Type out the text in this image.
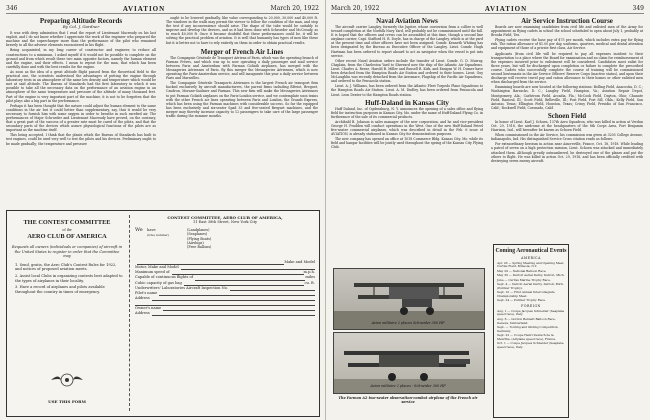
346	AVIATION	March 20, 1922
Preparing Altitude Records
By Col. J. Gardner

It was with deep admiration that I read the report of Lieutenant Macready on his last exploit, and I do not know whether I appreciate the work of the engineer who prepared the machine and the supercharger more than the performance of the pilot who remained bravely to all the adverse elements encountered in his flight.

Being acquainted, in my long career of constructor and engineer, to reduce all constructions to a minimum, I asked myself if it would not be possible to complete on the ground and from which result these two main opposite factors, namely the human element and the engine, and their effects. I mean to repeat for the man, that which has been carefully done and with the best results for the engine.

As soon as the idea of a great altitude flight passed from the theoretical field to the practical one, the scientists understood the advantages of putting the engine through laboratory tests in an atmosphere of the same low density and temperature which would be met at said altitude. The Bureau of Standards had the first laboratory in which it was possible to take all the necessary data on the performance of an aviation engine in an atmosphere of the same temperature and pressure of the altitude of many thousand feet. Part of the engine is very important part of the machine, it is not to be forgotten that the pilot plays also a big part in the performance.

Perhaps it has been thought that the nature could adjust the human element to the same conditions in the air but it could better than supplementary, say, that it would be very necessary to furnish him with some oxygen in order to breathe in such rarefied air. The performances of Major Schroeder and Lieutenant Macready have proved, on the contrary, that a great part of the success of a greater rate must be cared of the pilots, and that the secondary parts of the devices which assure physiological functions of the pilots are as important as the machine itself.

This being accepted, I think that the plants which the Bureau of Standards has built to test engines, could be used very well to test the pilots and his devices. Preliminary ought to be made gradually; the temperature and pressure

ought to be lowered gradually, like value corresponding to 20,000, 30,000 and 40,000 ft. The windows in the walls may permit the viewer to follow the condition of the man, and stop the test if any inconvenience should arise. The shape of the tube would be suitably to improve and develop the devices, and as it had been done with Schroeder and McCready, as to reach 40,000 ft. Once it became doubtful that these performances could be, it will be solving the practical problem of aviation. It is well that humanity has types of men like these but it is better not to have to rely entirely on them in order to obtain practical results.

Merger of French Air Lines

The Compagnie Générale de Transport Aériens of Paris, which was the operating branch of Farman Frères, and which was up to now operating a daily passenger and mail service between Paris and Amsterdam with Farman Goliath airplanes, has merged with the Messageries Aériennes of Paris. By this merger the Messageries Aériennes, which is now operating the Paris-Amsterdam service, and will inaugurate this year a daily service between Paris and Marseilles.

The Compagnie Générale Transports Aériennes is the largest French air transport firm backed exclusively by aircraft manufacturers, the parent firms including Blériot, Breguet, Caudron, Morane-Saulnier and Farman. This new firm will make the Messageries Aériennes to put Farman Goliath airplanes on the Paris-London service, and we contemplate soon trains with the other French air lines operating between Paris and London, the Grands Express, which has been using the Farman machines with considerable success. So far the equipped has been exclusively and six-seater Spad 33 and five-seated Breguet machines, and the merger may thereby increase capacity to 12 passengers to take care of the large passenger traffic during the summer months.

THE CONTEST COMMITTEE
of the
AERO CLUB OF AMERICA
Requests all owners (individuals or companies) of aircraft in the United States to register in order that the Committee may
1. Send, gratis, the Aero Club's Contest Rules for 1922, and notices of proposed aviation meets.
2. Assist local Clubs in organizing contests best adapted to the types of airplanes in their locality.
3. Have a record of airplanes and pilots available throughout the country in times of emergency.
USE THIS FORM
CONTEST COMMITTEE, AERO CLUB OF AMERICA,
11 East 38th Street, New York City
We	have
(Give number)
(Landplanes)
(Seaplanes)
(Flying Boats)
(Airships)
(Free Ballons)
Make and Model
Motor, Make and Model
Maximum speed of	m.p.h.
Capable of continuous flights of	miles
Cubic capacity of gas bag	cu. ft.
Underwriters' Laboratories Aircraft Inspection No.
Pilot's name
Address
Owner's name
Address
March 20, 1922	AVIATION	349
Naval Aviation News

The aircraft carrier Langley, formerly the Jupiter, whose conversion from a collier is well toward completion at the Norfolk Navy Yard, will probably not be commissioned until the fall. It is hoped that the officers and crews can be assembled at this time, though a second line airplane carrier, Capt. Stafford H. R. Doyle, has in charge of the Langley, which is at the yard at the present time and other officers have not been assigned. Comdr. Kenneth Whiting has been designated by the Bureau as Executive Officer of the Langley. Lieut. Comdr. Hugh Hartman has been ordered to report aboard to act as navigator when the vessel is put into service.

Other recent Naval Aviation orders include the transfer of Lieut. Comdr. G. D. Murray, Chaplain, from the Charleston Yard to Sherrard now the ship of the Atlantic Air Squadrons. Lieut. Charles A. Reese, Harold B. Miller and Russell R. Kirk, and Ensigns W. H. Dumer have been detached from the Hampton Roads Air Station and ordered to their homes. Lieut. Guy McLaughlin was recently detached from the Aeromare, Flagship of the Pacific Air Squadrons, and ordered to the Pensacola station.

Lieut. A. J. Williams, has been ordered from the Atlantic Fleet Torpedo Plane Squadrons to the Hampton Roads Air Station. Lieut. A. M. Dudley, has been ordered from Pensacola and Lieut. Leon Dexter to the Hampton Roads station.

Huff-Daland in Kansas City

Huff Daland, Inc. of Ogdensburg, N. Y. announces the opening of a sales office and flying field for instruction purposes in Kansas City, Mo. under the name of Huff-Daland Flying Co. in furtherance of the sale of its commercial products.

Archibald B. Johnson is sales manager of the new corporation, and he and vice-president George H. Prudden will conduct operations in the West. One of the new Huff-Daland Petrel five-seater commercial airplanes, which was described in detail in the Feb. 6 issue of AVIATION, is already stationed in Kansas City for demonstration purposes.

The new company has opened an office at 1018 Commerce Bldg. Kansas City, Mo. while its field and hangar facilities will be jointly used throughout the spring of the Kansas City Flying Club.

Avion militaire 2 places Schneider 300 HP
Avion militaire 2 places - Schneider 300 HP
The Farman A2 two-seater observation-combat airplane of the French air service
Air Service Instruction Course

Boards are now examining candidates from civil life and enlisted men of the Army for appointment as flying cadets in school the school scheduled to open about July 1, probably at Brooks Field, Tex.

Flying cadets receive the base pay of $75 per month, which includes extra pay for flying risk. The ration allowance of $1.00 per day, uniforms, quarters, medical and dental attention and equipment of those of a private first class, Air Service.

Applicants (from civil life will be required to pay all expenses incident to their transportation to a place where the Board for examination and no claim for reimbursement of the expenses incurred prior to enlistment will be considered. Candidates must enlist for three years, but will be discharged upon completion or failure to complete the prescribed course. Cadets who successfully complete the course of training will be commissioned second lieutenants in the Air Service Officers' Reserve Corps (inactive status), and upon their discharge will receive travel pay and ration allowance to their homes or other enlisted men when discharged from the service.

Examining boards are now located at the following stations: Bolling Field, Anacostia, D. C.; Washington Barracks, D. C.; Langley Field, Hampton, Va.; Aviation Repair Depot, Montgomery, Ala.; Carlstrom Field, Arcadia, Fla.; McCook Field, Dayton, Ohio; Chanute Field, Rantoul, Ill.; Scott Field, Belleville, Ill.; Post Field, Fort Sill, Okla.; Kelly Field, San Antonio, Texas; Ellington Field, Houston, Texas; Crissy Field, Presidio of San Francisco, Calif.; Rockwell Field, Coronado, Calif.

Schoen Field

In honor of Lieut. Karl J. Schoen, 137th Aero Squadron, who was killed in action at Verdun Oct. 29, 1918, the airdrome at the headquarters of the 8th Corps Area, Fort Benjamin Harrison, Ind., will hereafter be known as Schoen Field.

When commissioned in the Air Service, his commission was given at 3205 College Avenue, Indianapolis, Ind. His distinguished Service Cross citation reads as follows:

For extraordinary heroism in action near Aincreville, France, Oct. 18, 1918. While leading a patrol of seven on a high protection mission, Lieut. Schoen was attacked and immediately attacked them. Although greatly outnumbered, he destroyed one of the planes and put the others to flight. He was killed in action Oct. 29, 1918, and has been officially credited with destroying seven enemy aircraft.

Coming Aeronautical Events
AMERICA
Apr. 20 — Spring Meeting and Opening Meet, Curtiss Field, Mineola, N.Y.
May 29 — National Balloon Race.
May 30 — Detroit Aerial Derby, Detroit, Mich.
June — Curtiss Marine Trophy Race.
Sept. 4 — Detroit Aerial Derby, Detroit, Mich. (Pulitzer Trophy).
Sept. 10 — First Annual Intercollegiate Championship Meet.
Sept. 24 — Pulitzer Trophy Race.
FOREIGN
Aug. 1 — Coupe Jacques Schneider (Seaplane speed race), Italy.
Aug. 6 — Gordon Bennett Balloon Race, Geneva, Switzerland.
Sept. — Touring and Gliding Competition, Germany.
Sept. 22 — Coupe Henri Deutsch de la Meurthe, (Airplane speed race), France.
Oct. 1 — Coupe Jacques Schneider (Seaplane speed race), Italy.
